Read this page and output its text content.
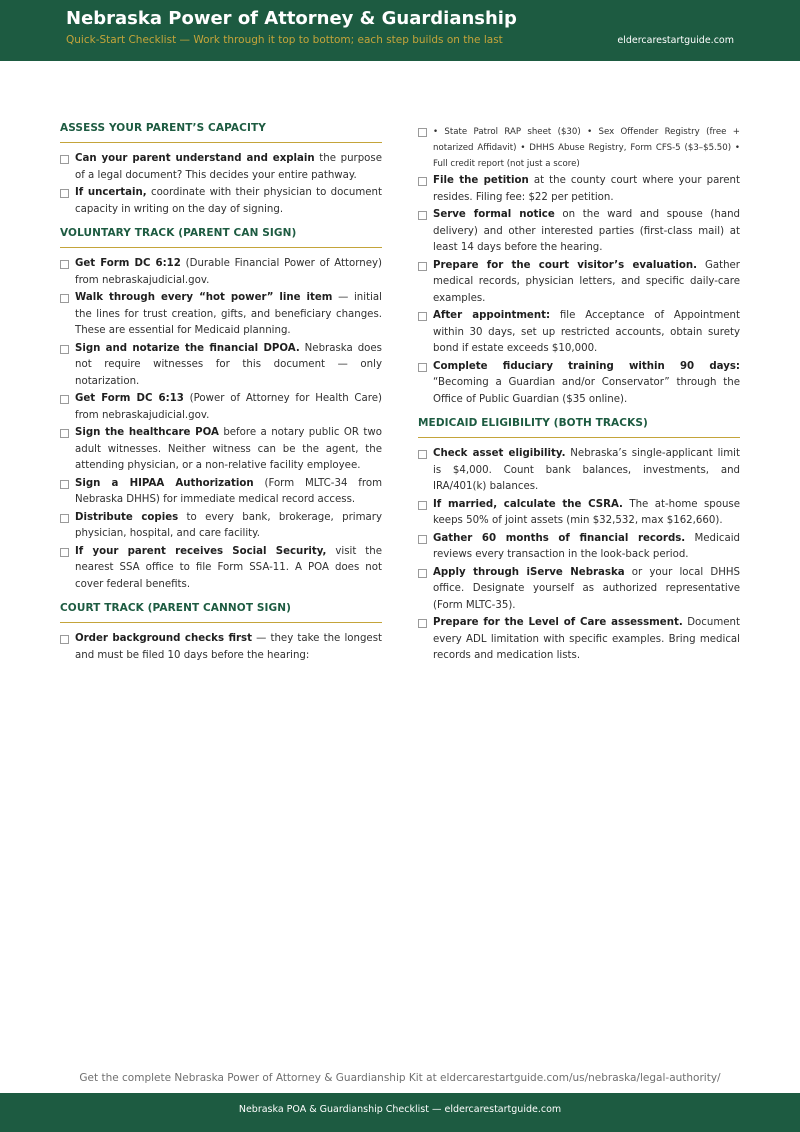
Nebraska Power of Attorney & Guardianship
Quick-Start Checklist — Work through it top to bottom; each step builds on the last	eldercarestartguide.com
ASSESS YOUR PARENT’S CAPACITY
Can your parent understand and explain the purpose of a legal document? This decides your entire pathway.
If uncertain, coordinate with their physician to document capacity in writing on the day of signing.
VOLUNTARY TRACK (PARENT CAN SIGN)
Get Form DC 6:12 (Durable Financial Power of Attorney) from nebraskajudicial.gov.
Walk through every “hot power” line item — initial the lines for trust creation, gifts, and beneficiary changes. These are essential for Medicaid planning.
Sign and notarize the financial DPOA. Nebraska does not require witnesses for this document — only notarization.
Get Form DC 6:13 (Power of Attorney for Health Care) from nebraskajudicial.gov.
Sign the healthcare POA before a notary public OR two adult witnesses. Neither witness can be the agent, the attending physician, or a non-relative facility employee.
Sign a HIPAA Authorization (Form MLTC-34 from Nebraska DHHS) for immediate medical record access.
Distribute copies to every bank, brokerage, primary physician, hospital, and care facility.
If your parent receives Social Security, visit the nearest SSA office to file Form SSA-11. A POA does not cover federal benefits.
COURT TRACK (PARENT CANNOT SIGN)
Order background checks first — they take the longest and must be filed 10 days before the hearing:
• State Patrol RAP sheet ($30) • Sex Offender Registry (free + notarized Affidavit) • DHHS Abuse Registry, Form CFS-5 ($3–$5.50) • Full credit report (not just a score)
File the petition at the county court where your parent resides. Filing fee: $22 per petition.
Serve formal notice on the ward and spouse (hand delivery) and other interested parties (first-class mail) at least 14 days before the hearing.
Prepare for the court visitor’s evaluation. Gather medical records, physician letters, and specific daily-care examples.
After appointment: file Acceptance of Appointment within 30 days, set up restricted accounts, obtain surety bond if estate exceeds $10,000.
Complete fiduciary training within 90 days: “Becoming a Guardian and/or Conservator” through the Office of Public Guardian ($35 online).
MEDICAID ELIGIBILITY (BOTH TRACKS)
Check asset eligibility. Nebraska’s single-applicant limit is $4,000. Count bank balances, investments, and IRA/401(k) balances.
If married, calculate the CSRA. The at-home spouse keeps 50% of joint assets (min $32,532, max $162,660).
Gather 60 months of financial records. Medicaid reviews every transaction in the look-back period.
Apply through iServe Nebraska or your local DHHS office. Designate yourself as authorized representative (Form MLTC-35).
Prepare for the Level of Care assessment. Document every ADL limitation with specific examples. Bring medical records and medication lists.
Get the complete Nebraska Power of Attorney & Guardianship Kit at eldercarestartguide.com/us/nebraska/legal-authority/
Nebraska POA & Guardianship Checklist — eldercarestartguide.com
